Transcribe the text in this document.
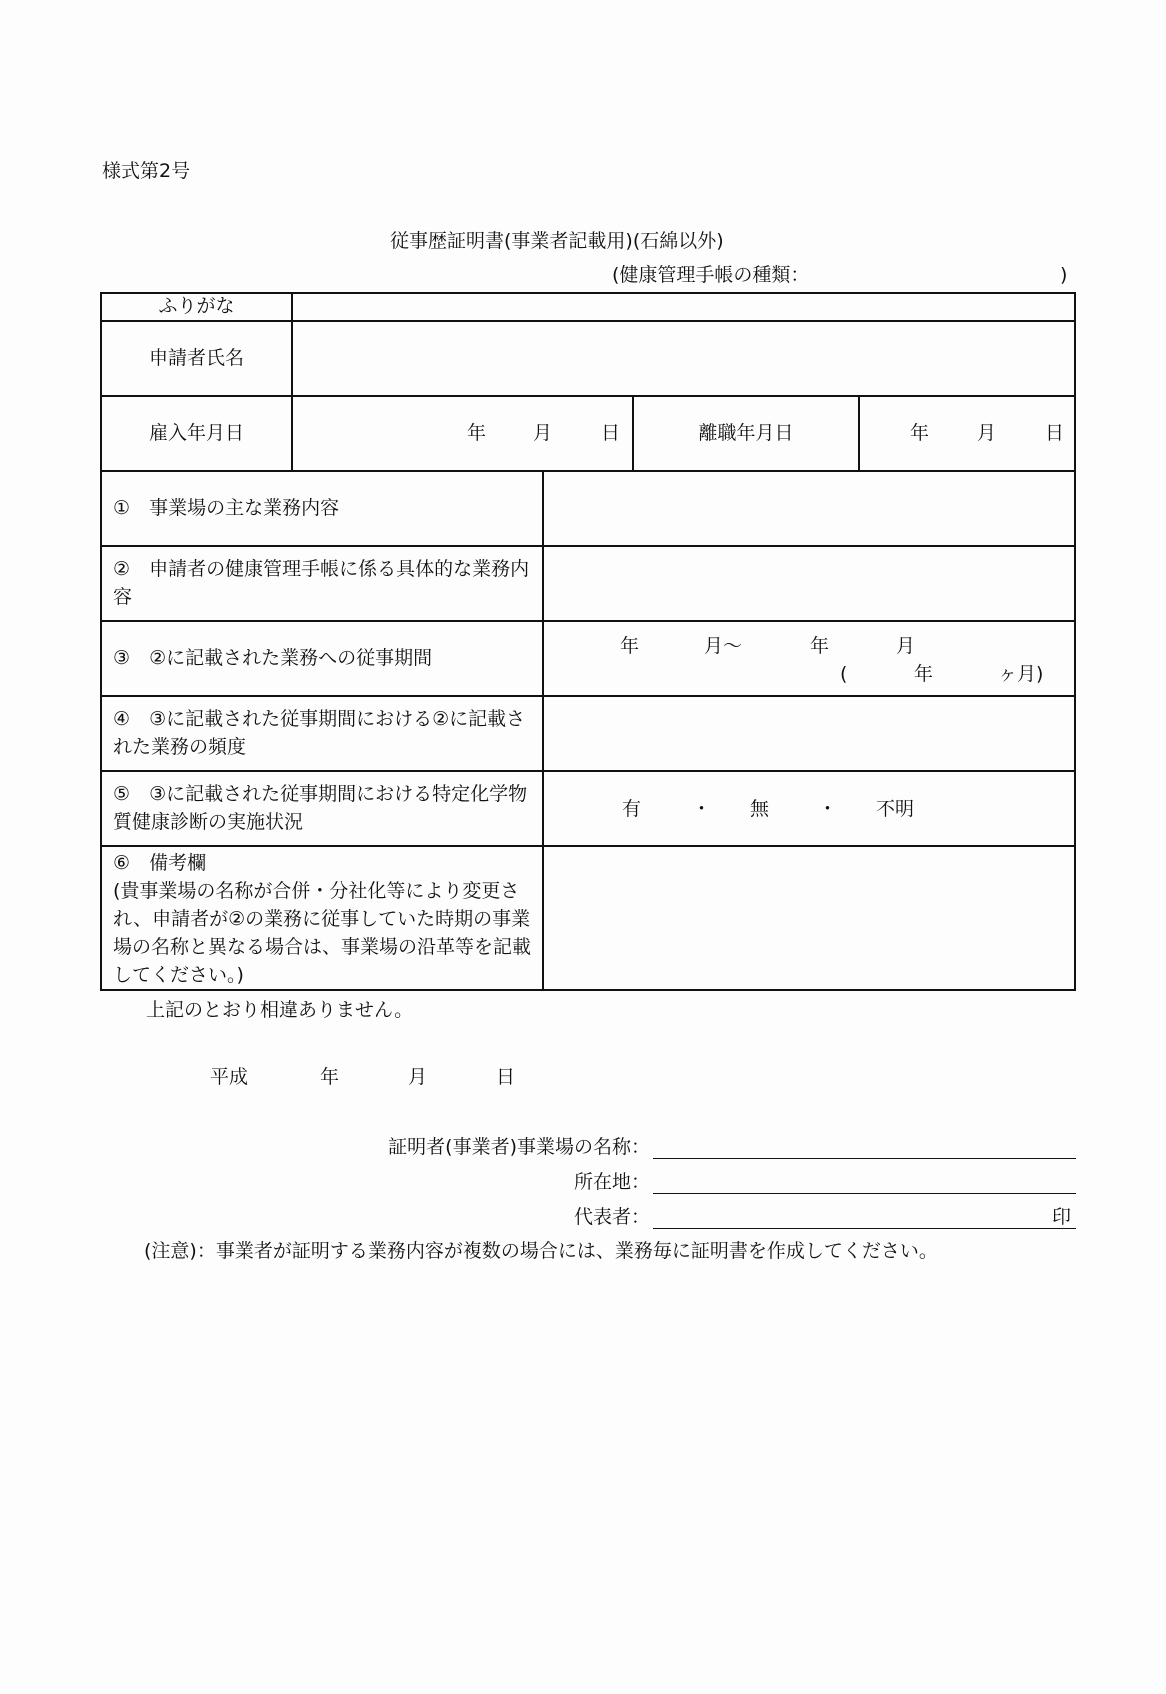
様式第2号
従事歴証明書(事業者記載用)(石綿以外)
(健康管理手帳の種類：	)
ふりがな
申請者氏名
雇入年月日	年 月	日	離職年月日	年	月	日
①　 事業場の主な業務内容
②　 申請者の健康管理手帳に係る具体的な業務内容
③　 ②に記載された業務への従事期間
年	月～	年	月
(	年	ヶ月)
④　 ③に記載された従事期間における②に記載された業務の頻度
⑤　 ③に記載された従事期間における特定化学物質健康診断の実施状況
有	・ 無	・ 不明
⑥　 備考欄
(貴事業場の名称が合併・分社化等により変更され、申請者が②の業務に従事していた時期の事業場の名称と異なる場合は、事業場の沿革等を記載してください。)
上記のとおり相違ありません。
平成	年	月	日
証明者(事業者)事業場の名称：
所在地：
代表者：	印
(注意)：事業者が証明する業務内容が複数の場合には、業務毎に証明書を作成してください。
